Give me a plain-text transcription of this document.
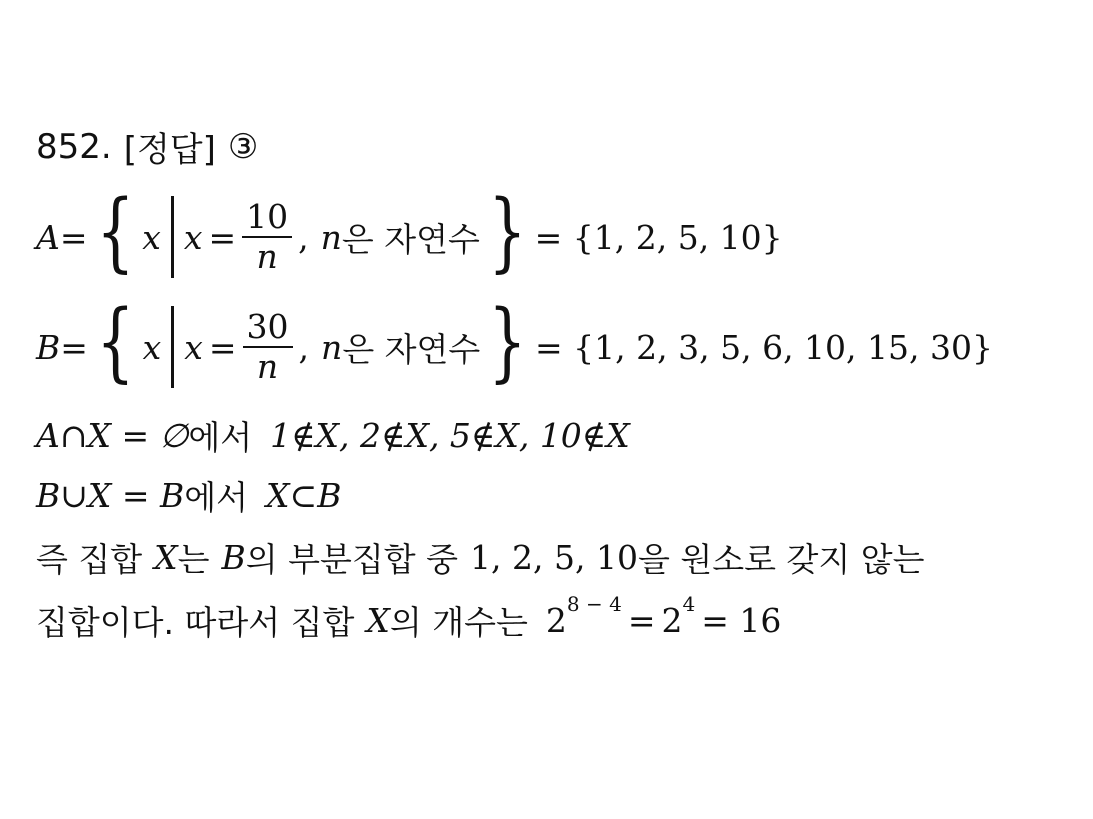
852. [정답] ③
A = { x $x = \frac{10}{n}$ , n 은 자연수 } = {1, 2, 5, 10}
B = { x $x = \frac{30}{n}$ , n 은 자연수 } = {1, 2, 3, 5, 6, 10, 15, 30}
A∩X = ∅ 에서 1∉X, 2∉X, 5∉X, 10∉X
B∪X = B 에서 X⊂B
즉 집합 X 는 B 의 부분집합 중 1, 2, 5, 10 을 원소로 갖지 않는
집합이다. 따라서 집합 X 의 개수는 2 8 − 4 = 2 4 = 16
